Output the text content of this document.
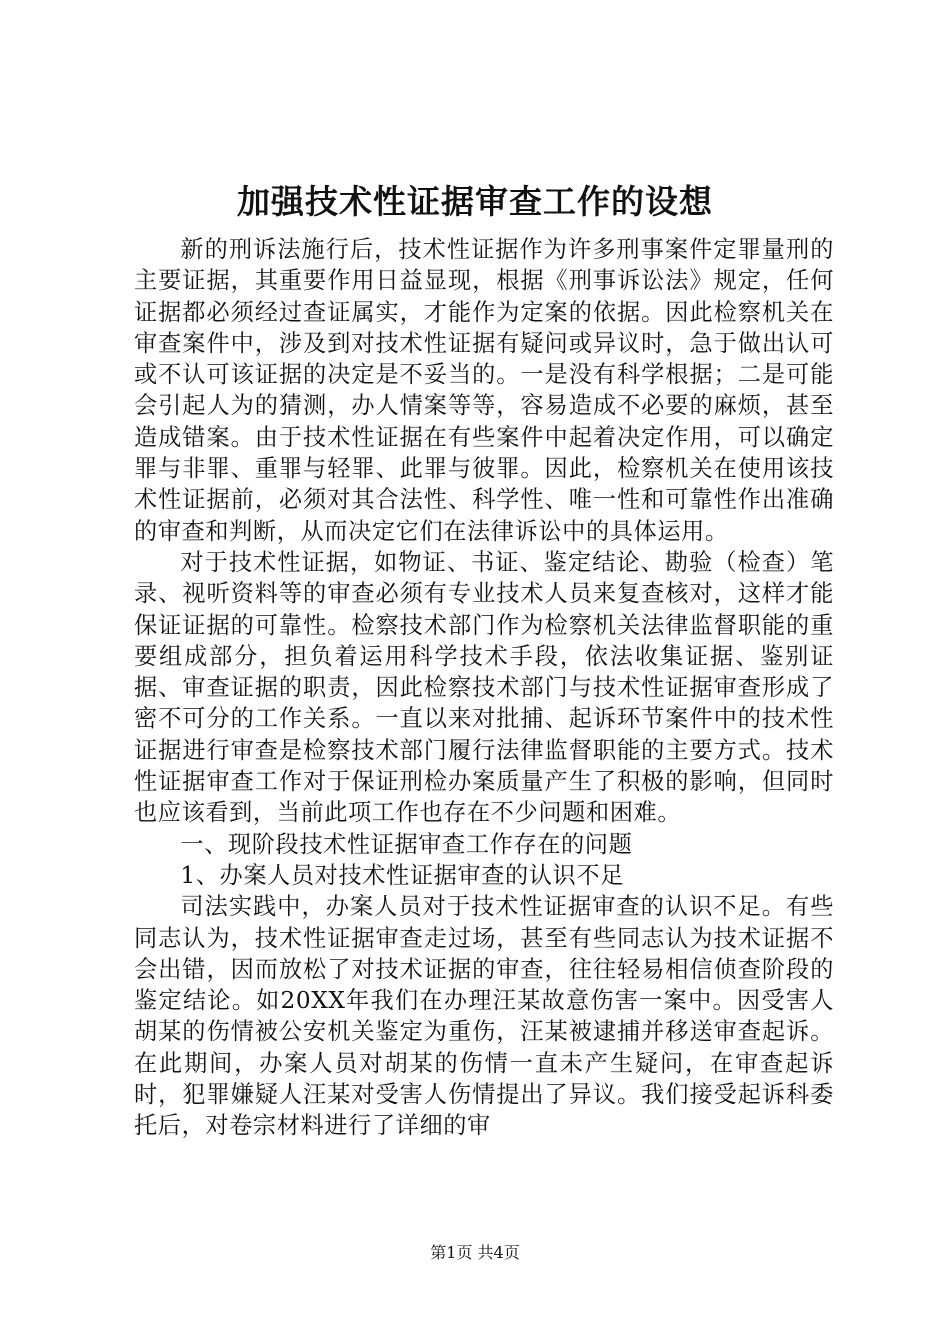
加强技术性证据审查工作的设想

新的刑诉法施行后，技术性证据作为许多刑事案件定罪量刑的主要证据，其重要作用日益显现，根据《刑事诉讼法》规定，任何证据都必须经过查证属实，才能作为定案的依据。因此检察机关在审查案件中，涉及到对技术性证据有疑问或异议时，急于做出认可或不认可该证据的决定是不妥当的。一是没有科学根据；二是可能会引起人为的猜测，办人情案等等，容易造成不必要的麻烦，甚至造成错案。由于技术性证据在有些案件中起着决定作用，可以确定罪与非罪、重罪与轻罪、此罪与彼罪。因此，检察机关在使用该技术性证据前，必须对其合法性、科学性、唯一性和可靠性作出准确的审查和判断，从而决定它们在法律诉讼中的具体运用。

对于技术性证据，如物证、书证、鉴定结论、勘验（检查）笔录、视听资料等的审查必须有专业技术人员来复查核对，这样才能保证证据的可靠性。检察技术部门作为检察机关法律监督职能的重要组成部分，担负着运用科学技术手段，依法收集证据、鉴别证据、审查证据的职责，因此检察技术部门与技术性证据审查形成了密不可分的工作关系。一直以来对批捕、起诉环节案件中的技术性证据进行审查是检察技术部门履行法律监督职能的主要方式。技术性证据审查工作对于保证刑检办案质量产生了积极的影响，但同时也应该看到，当前此项工作也存在不少问题和困难。

一、现阶段技术性证据审查工作存在的问题

1、办案人员对技术性证据审查的认识不足

司法实践中，办案人员对于技术性证据审查的认识不足。有些同志认为，技术性证据审查走过场，甚至有些同志认为技术证据不会出错，因而放松了对技术证据的审查，往往轻易相信侦查阶段的鉴定结论。如20XX年我们在办理汪某故意伤害一案中。因受害人胡某的伤情被公安机关鉴定为重伤，汪某被逮捕并移送审查起诉。在此期间，办案人员对胡某的伤情一直未产生疑问，在审查起诉时，犯罪嫌疑人汪某对受害人伤情提出了异议。我们接受起诉科委托后，对卷宗材料进行了详细的审

第1页 共4页
